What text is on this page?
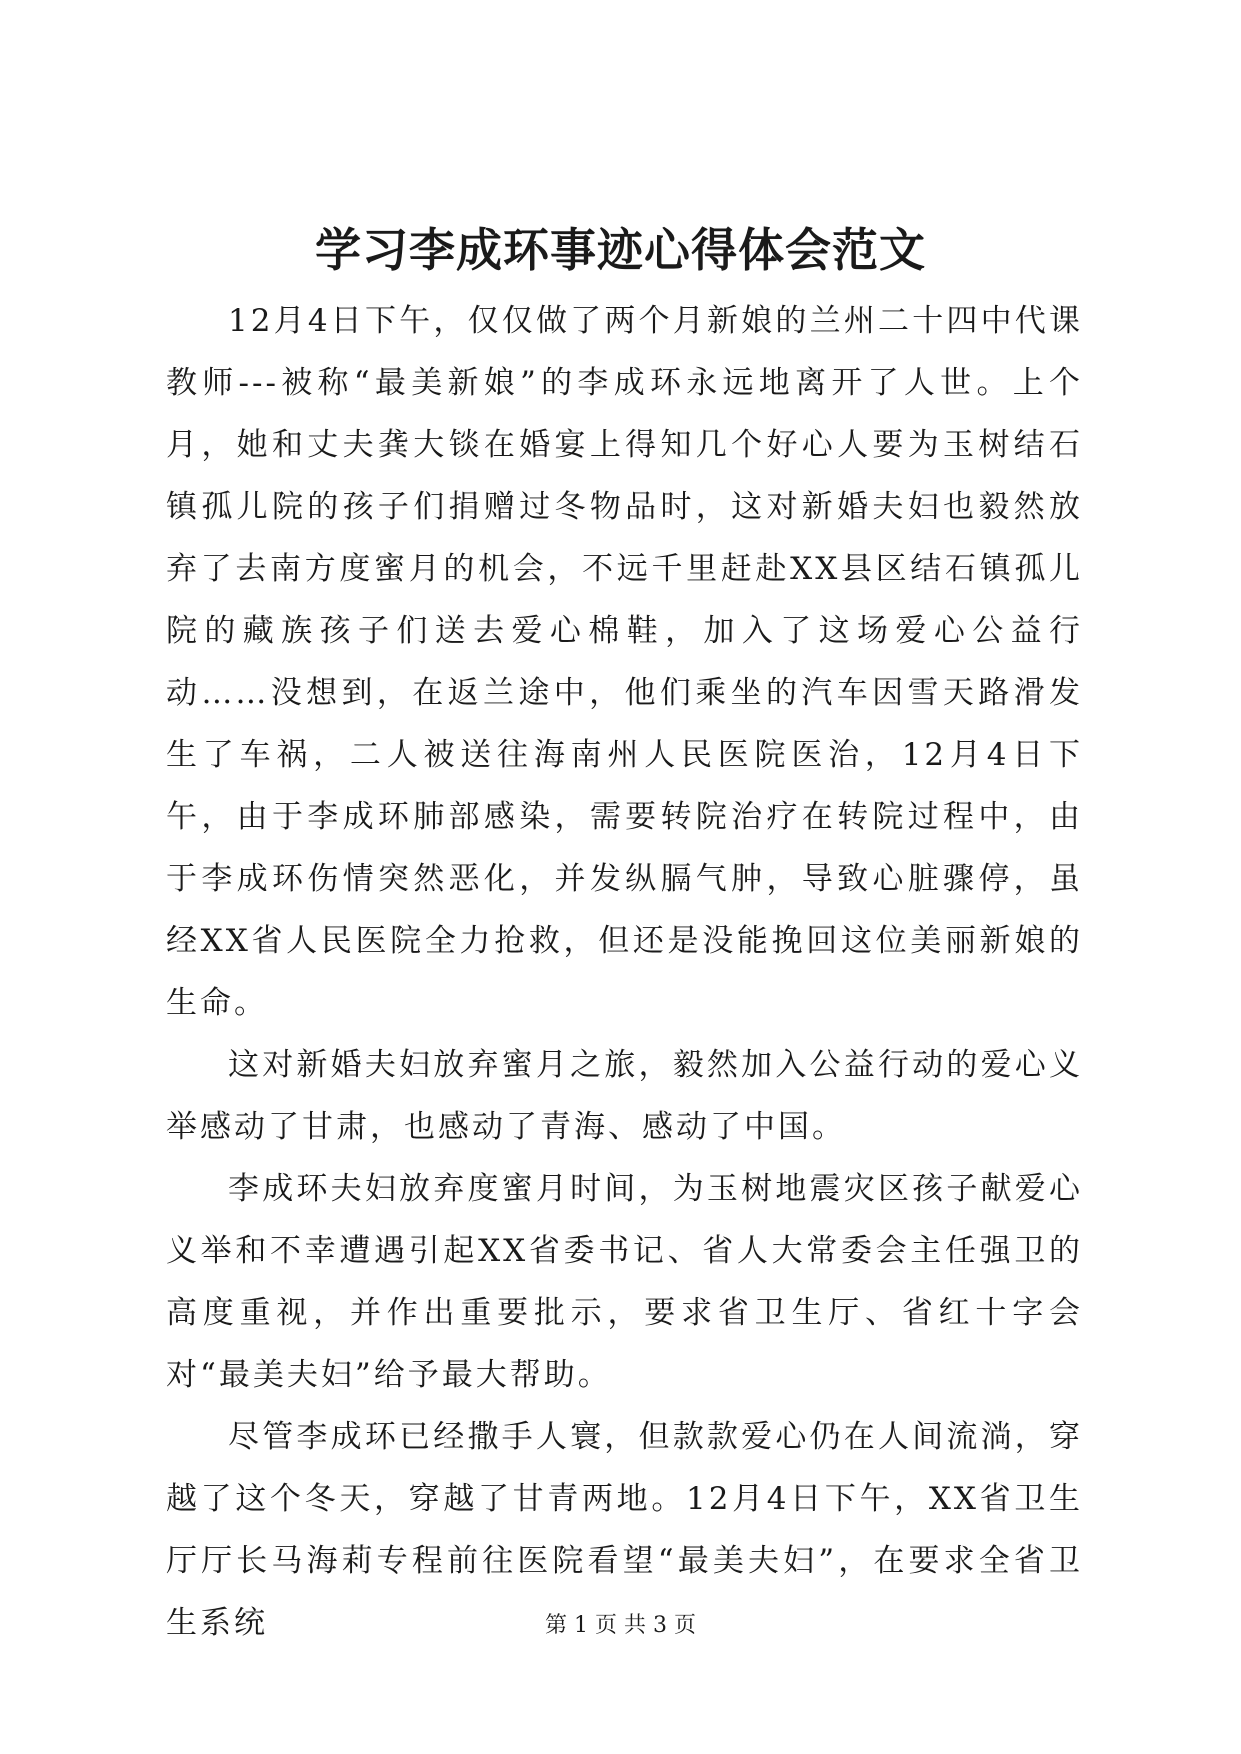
学习李成环事迹心得体会范文

12月4日下午，仅仅做了两个月新娘的兰州二十四中代课教师---被称“最美新娘”的李成环永远地离开了人世。上个月，她和丈夫龚大锬在婚宴上得知几个好心人要为玉树结石镇孤儿院的孩子们捐赠过冬物品时，这对新婚夫妇也毅然放弃了去南方度蜜月的机会，不远千里赶赴XX县区结石镇孤儿院的藏族孩子们送去爱心棉鞋，加入了这场爱心公益行动……没想到，在返兰途中，他们乘坐的汽车因雪天路滑发生了车祸，二人被送往海南州人民医院医治，12月4日下午，由于李成环肺部感染，需要转院治疗在转院过程中，由于李成环伤情突然恶化，并发纵膈气肿，导致心脏骤停，虽经XX省人民医院全力抢救，但还是没能挽回这位美丽新娘的生命。

这对新婚夫妇放弃蜜月之旅，毅然加入公益行动的爱心义举感动了甘肃，也感动了青海、感动了中国。

李成环夫妇放弃度蜜月时间，为玉树地震灾区孩子献爱心义举和不幸遭遇引起XX省委书记、省人大常委会主任强卫的高度重视，并作出重要批示，要求省卫生厅、省红十字会对“最美夫妇”给予最大帮助。

尽管李成环已经撒手人寰，但款款爱心仍在人间流淌，穿越了这个冬天，穿越了甘青两地。12月4日下午，XX省卫生厅厅长马海莉专程前往医院看望“最美夫妇”，在要求全省卫生系统	第 1 页 共 3 页
